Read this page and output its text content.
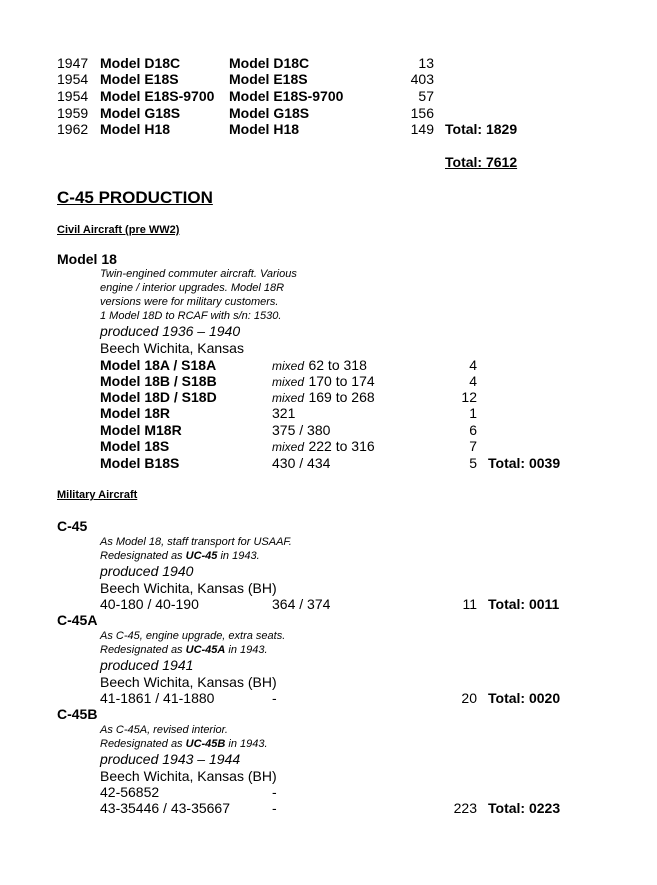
1947 Model D18C	Model D18C	13
1954 Model E18S	Model E18S	403
1954 Model E18S-9700 Model E18S-9700	57
1959 Model G18S	Model G18S	156
1962 Model H18	Model H18	149 Total: 1829
Total: 7612
C-45 PRODUCTION
Civil Aircraft (pre WW2)
Model 18
Twin-engined commuter aircraft. Various
engine / interior upgrades. Model 18R
versions were for military customers.
1 Model 18D to RCAF with s/n: 1530.
produced 1936 – 1940
Beech Wichita, Kansas
Model 18A / S18A	mixed 62 to 318	4
Model 18B / S18B	mixed 170 to 174	4
Model 18D / S18D	mixed 169 to 268	12
Model 18R	321	1
Model M18R	375 / 380	6
Model 18S	mixed 222 to 316	7
Model B18S	430 / 434	5 Total: 0039
Military Aircraft
C-45
As Model 18, staff transport for USAAF.
Redesignated as UC-45 in 1943.
produced 1940
Beech Wichita, Kansas (BH)
40-180 / 40-190	364 / 374	11 Total: 0011
C-45A
As C-45, engine upgrade, extra seats.
Redesignated as UC-45A in 1943.
produced 1941
Beech Wichita, Kansas (BH)
41-1861 / 41-1880	-	20 Total: 0020
C-45B
As C-45A, revised interior.
Redesignated as UC-45B in 1943.
produced 1943 – 1944
Beech Wichita, Kansas (BH)
42-56852	-
43-35446 / 43-35667	-	223 Total: 0223
